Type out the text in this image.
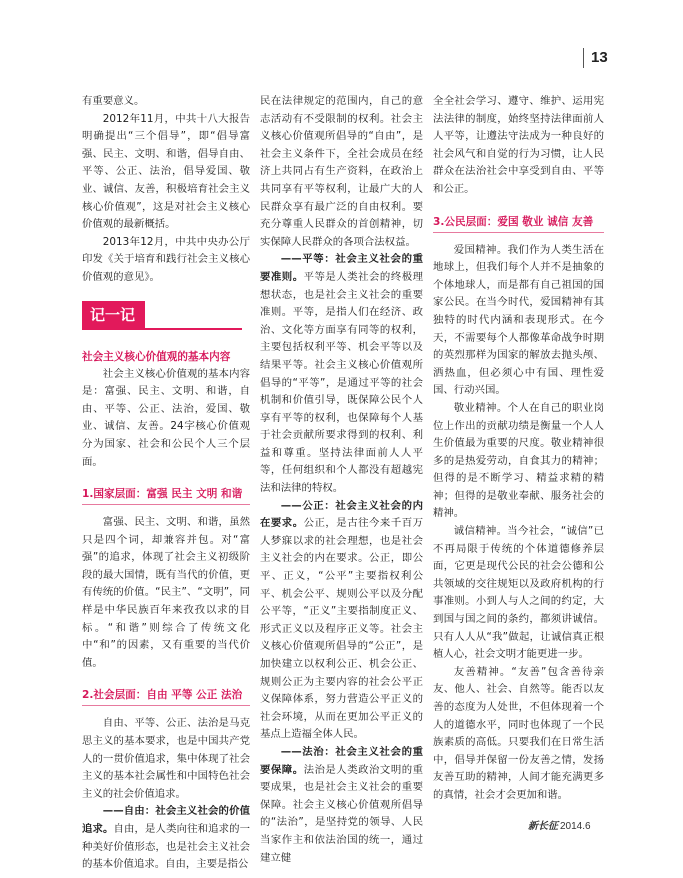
13

有重要意义。

2012年11月，中共十八大报告明确提出“三个倡导”，即“倡导富强、民主、文明、和谐，倡导自由、平等、公正、法治，倡导爱国、敬业、诚信、友善，积极培育社会主义核心价值观”，这是对社会主义核心价值观的最新概括。

2013年12月，中共中央办公厅印发《关于培育和践行社会主义核心价值观的意见》。

记一记

社会主义核心价值观的基本内容

社会主义核心价值观的基本内容是：富强、民主、文明、和谐，自由、平等、公正、法治，爱国、敬业、诚信、友善。24字核心价值观分为国家、社会和公民个人三个层面。

1.国家层面：富强 民主 文明 和谐

富强、民主、文明、和谐，虽然只是四个词，却兼容并包。对“富强”的追求，体现了社会主义初级阶段的最大国情，既有当代的价值，更有传统的价值。“民主”、“文明”，同样是中华民族百年来孜孜以求的目标。“和谐”则综合了传统文化中“和”的因素，又有重要的当代价值。

2.社会层面：自由 平等 公正 法治

自由、平等、公正、法治是马克思主义的基本要求，也是中国共产党人的一贯价值追求，集中体现了社会主义的基本社会属性和中国特色社会主义的社会价值追求。

——自由：社会主义社会的价值追求。自由，是人类向往和追求的一种美好价值形态，也是社会主义社会的基本价值追求。自由，主要是指公

民在法律规定的范围内，自己的意志活动有不受限制的权利。社会主义核心价值观所倡导的“自由”，是社会主义条件下，全社会成员在经济上共同占有生产资料，在政治上共同享有平等权利，让最广大的人民群众享有最广泛的自由权利。要充分尊重人民群众的首创精神，切实保障人民群众的各项合法权益。

——平等：社会主义社会的重要准则。平等是人类社会的终极理想状态，也是社会主义社会的重要准则。平等，是指人们在经济、政治、文化等方面享有同等的权利，主要包括权利平等、机会平等以及结果平等。社会主义核心价值观所倡导的“平等”，是通过平等的社会机制和价值引导，既保障公民个人享有平等的权利，也保障每个人基于社会贡献所要求得到的权利、利益和尊重。坚持法律面前人人平等，任何组织和个人都没有超越宪法和法律的特权。

——公正：社会主义社会的内在要求。公正，是古往今来千百万人梦寐以求的社会理想，也是社会主义社会的内在要求。公正，即公平、正义，“公平”主要指权利公平、机会公平、规则公平以及分配公平等，“正义”主要指制度正义、形式正义以及程序正义等。社会主义核心价值观所倡导的“公正”，是加快建立以权利公正、机会公正、规则公正为主要内容的社会公平正义保障体系，努力营造公平正义的社会环境，从而在更加公平正义的基点上造福全体人民。

——法治：社会主义社会的重要保障。法治是人类政治文明的重要成果，也是社会主义社会的重要保障。社会主义核心价值观所倡导的“法治”，是坚持党的领导、人民当家作主和依法治国的统一，通过建立健

全全社会学习、遵守、维护、运用宪法法律的制度，始终坚持法律面前人人平等，让遵法守法成为一种良好的社会风气和自觉的行为习惯，让人民群众在法治社会中享受到自由、平等和公正。

3.公民层面：爱国 敬业 诚信 友善

爱国精神。我们作为人类生活在地球上，但我们每个人并不是抽象的个体地球人，而是都有自己祖国的国家公民。在当今时代，爱国精神有其独特的时代内涵和表现形式。在今天，不需要每个人都像革命战争时期的英烈那样为国家的解放去抛头颅、洒热血，但必须心中有国、理性爱国、行动兴国。

敬业精神。个人在自己的职业岗位上作出的贡献功绩是衡量一个人人生价值最为重要的尺度。敬业精神很多的是热爱劳动，自食其力的精神；但得的是不断学习、精益求精的精神；但得的是敬业奉献、服务社会的精神。

诚信精神。当今社会，“诚信”已不再局限于传统的个体道德修养层面，它更是现代公民的社会公德和公共领域的交往规矩以及政府机构的行事准则。小到人与人之间的约定，大到国与国之间的条约，都须讲诚信。只有人人从“我”做起，让诚信真正根植人心，社会文明才能更进一步。

友善精神。“友善”包含善待亲友、他人、社会、自然等。能否以友善的态度为人处世，不但体现着一个人的道德水平，同时也体现了一个民族素质的高低。只要我们在日常生活中，倡导并保留一份友善之情，发扬友善互助的精神，人间才能充满更多的真情，社会才会更加和谐。

新长征 2014.6
